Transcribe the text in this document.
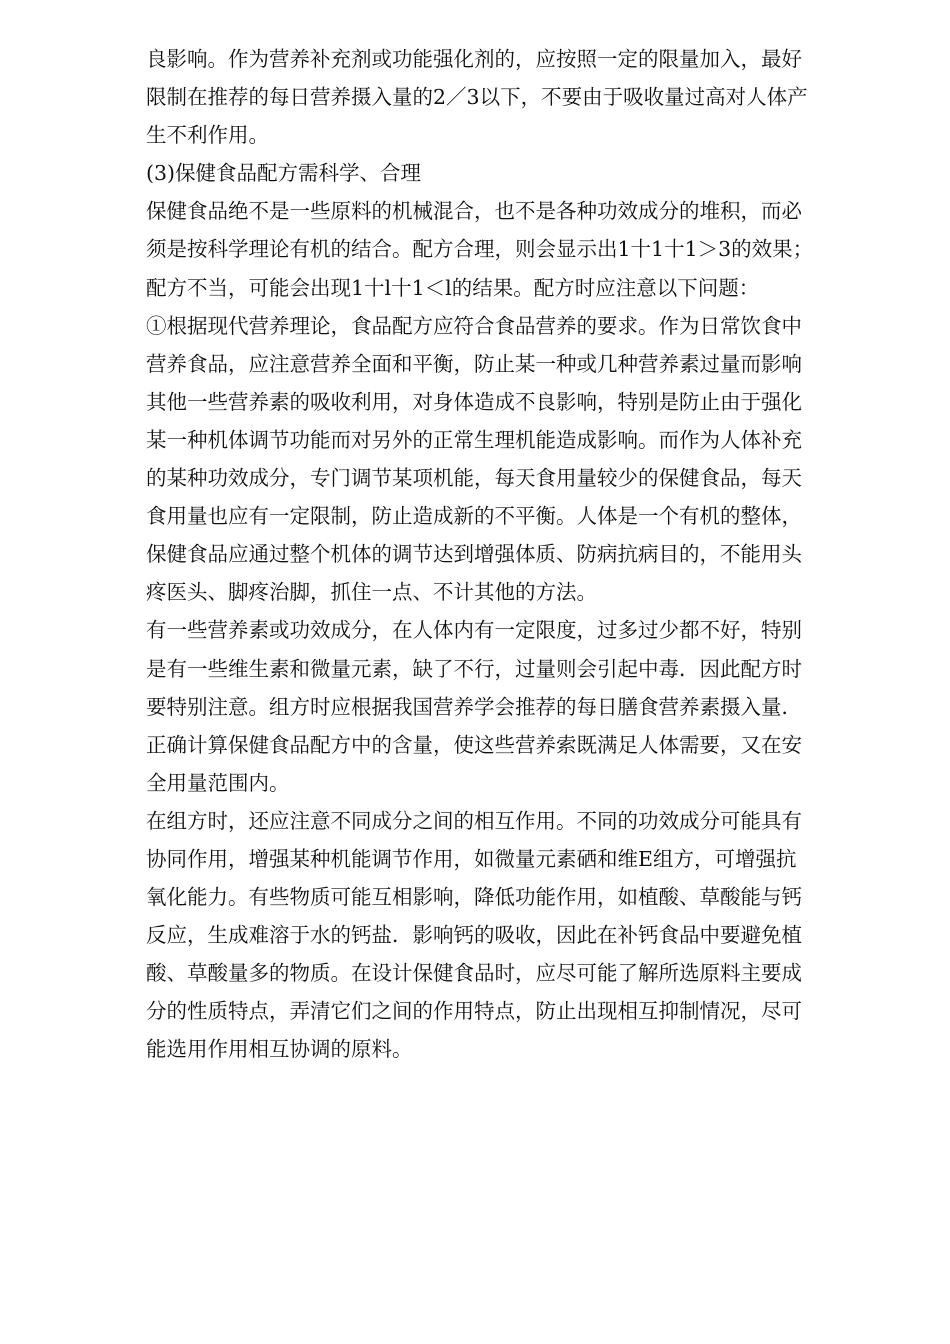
良影响。作为营养补充剂或功能强化剂的，应按照一定的限量加入，最好
限制在推荐的每日营养摄入量的2／3以下，不要由于吸收量过高对人体产
生不利作用。
(3)保健食品配方需科学、合理
保健食品绝不是一些原料的机械混合，也不是各种功效成分的堆积，而必
须是按科学理论有机的结合。配方合理，则会显示出1十1十1＞3的效果；
配方不当，可能会出现1十l十1＜l的结果。配方时应注意以下问题：
①根据现代营养理论，食品配方应符合食品营养的要求。作为日常饮食中
营养食品，应注意营养全面和平衡，防止某一种或几种营养素过量而影响
其他一些营养素的吸收利用，对身体造成不良影响，特别是防止由于强化
某一种机体调节功能而对另外的正常生理机能造成影响。而作为人体补充
的某种功效成分，专门调节某项机能，每天食用量较少的保健食品，每天
食用量也应有一定限制，防止造成新的不平衡。人体是一个有机的整体，
保健食品应通过整个机体的调节达到增强体质、防病抗病目的，不能用头
疼医头、脚疼治脚，抓住一点、不计其他的方法。
有一些营养素或功效成分，在人体内有一定限度，过多过少都不好，特别
是有一些维生素和微量元素，缺了不行，过量则会引起中毒．因此配方时
要特别注意。组方时应根据我国营养学会推荐的每日膳食营养素摄入量．
正确计算保健食品配方中的含量，使这些营养索既满足人体需要，又在安
全用量范围内。
在组方时，还应注意不同成分之间的相互作用。不同的功效成分可能具有
协同作用，增强某种机能调节作用，如微量元素硒和维E组方，可增强抗
氧化能力。有些物质可能互相影响，降低功能作用，如植酸、草酸能与钙
反应，生成难溶于水的钙盐．影响钙的吸收，因此在补钙食品中要避免植
酸、草酸量多的物质。在设计保健食品时，应尽可能了解所选原料主要成
分的性质特点，弄清它们之间的作用特点，防止出现相互抑制情况，尽可
能选用作用相互协调的原料。
